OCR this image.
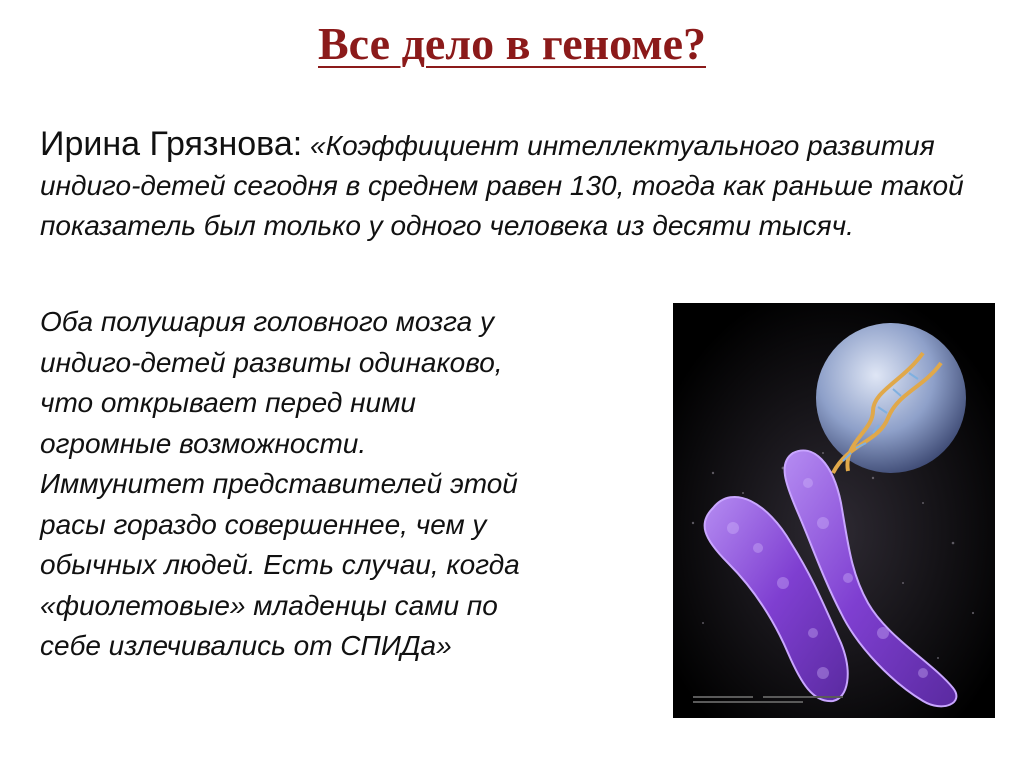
Все дело в геноме?
Ирина Грязнова: «Коэффициент интеллектуального развития индиго-детей сегодня в среднем равен 130, тогда как раньше такой показатель был только у одного человека из десяти тысяч.
Оба полушария головного мозга у
индиго-детей развиты одинаково,
что открывает перед ними
огромные возможности.
Иммунитет представителей этой
расы гораздо совершеннее, чем у
обычных людей. Есть случаи, когда
«фиолетовые» младенцы сами по
себе излечивались от СПИДа»
